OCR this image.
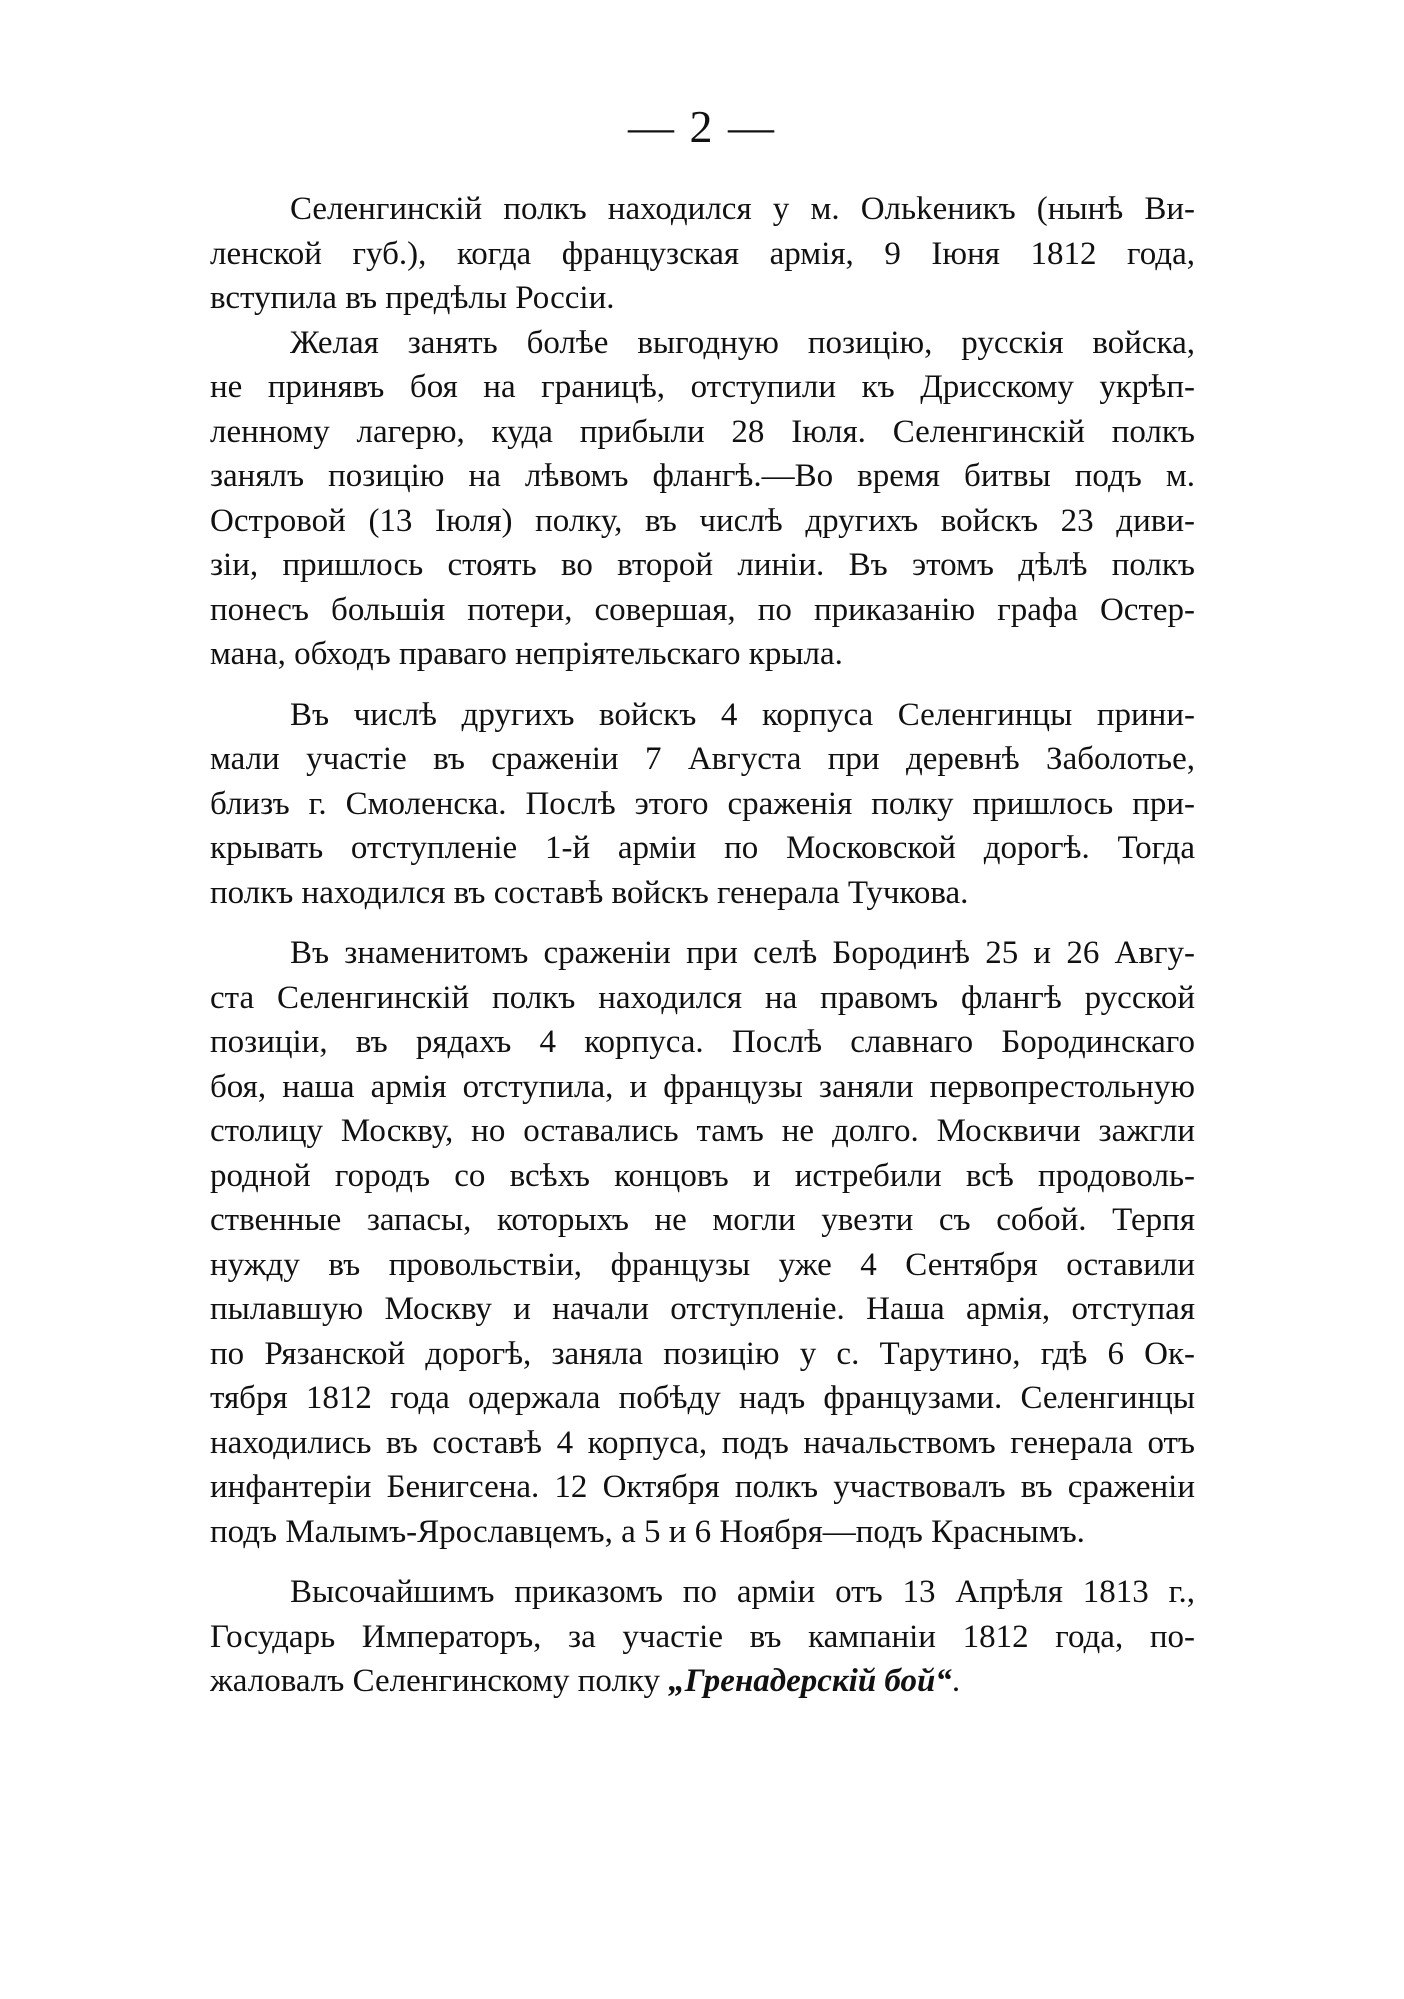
— 2 —
Селенгинскій полкъ находился у м. Ольkeникъ (нынѣ Ви-
ленской губ.), когда французская армія, 9 Іюня 1812 года,
вступила въ предѣлы Россіи.
Желая занять болѣе выгодную позицію, русскія войска,
не принявъ боя на границѣ, отступили къ Дрисскому укрѣп-
ленному лагерю, куда прибыли 28 Іюля. Селенгинскій полкъ
занялъ позицію на лѣвомъ флангѣ.—Во время битвы подъ м.
Островой (13 Іюля) полку, въ числѣ другихъ войскъ 23 диви-
зіи, пришлось стоять во второй линіи. Въ этомъ дѣлѣ полкъ
понесъ большія потери, совершая, по приказанію графа Остер-
мана, обходъ праваго непріятельскаго крыла.
Въ числѣ другихъ войскъ 4 корпуса Селенгинцы прини-
мали участіе въ сраженіи 7 Августа при деревнѣ Заболотье,
близъ г. Смоленска. Послѣ этого сраженія полку пришлось при-
крывать отступленіе 1-й арміи по Московской дорогѣ. Тогда
полкъ находился въ составѣ войскъ генерала Тучкова.
Въ знаменитомъ сраженіи при селѣ Бородинѣ 25 и 26 Авгу-
ста Селенгинскій полкъ находился на правомъ флангѣ русской
позиціи, въ рядахъ 4 корпуса. Послѣ славнаго Бородинскаго
боя, наша армія отступила, и французы заняли первопрестольную
столицу Москву, но оставались тамъ не долго. Москвичи зажгли
родной городъ со всѣхъ концовъ и истребили всѣ продоволь-
ственные запасы, которыхъ не могли увезти съ собой. Терпя
нужду въ провольствіи, французы уже 4 Сентября оставили
пылавшую Москву и начали отступленіе. Наша армія, отступая
по Рязанской дорогѣ, заняла позицію у с. Тарутино, гдѣ 6 Ок-
тября 1812 года одержала побѣду надъ французами. Селенгинцы
находились въ составѣ 4 корпуса, подъ начальствомъ генерала отъ
инфантеріи Бенигсена. 12 Октября полкъ участвовалъ въ сраженіи
подъ Малымъ-Ярославцемъ, а 5 и 6 Ноября—подъ Краснымъ.
Высочайшимъ приказомъ по арміи отъ 13 Апрѣля 1813 г.,
Государь Императоръ, за участіе въ кампаніи 1812 года, по-
жаловалъ Селенгинскому полку „Гренадерскій бой“.
